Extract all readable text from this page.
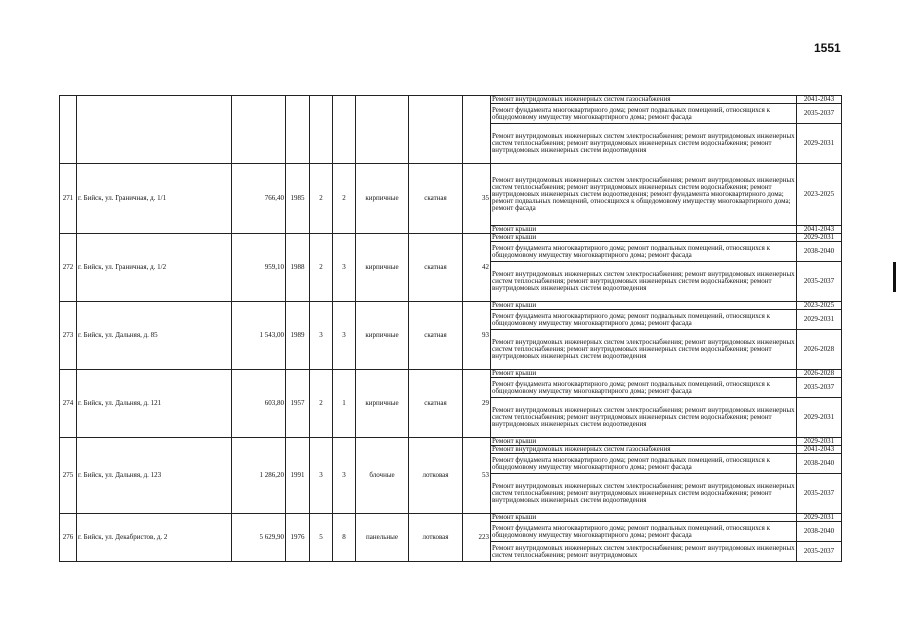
1551
									Ремонт внутридомовых инженерных систем газоснабжения	2041-2043
									Ремонт фундамента многоквартирного дома; ремонт подвальных помещений, относящихся к общедомовому имуществу многоквартирного дома; ремонт фасада	2035-2037
									Ремонт внутридомовых инженерных систем электроснабжения; ремонт внутридомовых инженерных систем теплоснабжения; ремонт внутридомовых инженерных систем водоснабжения; ремонт внутридомовых инженерных систем водоотведения	2029-2031
271	г. Бийск, ул. Граничная, д. 1/1	766,40	1985	2	2	кирпичные	скатная	35	Ремонт внутридомовых инженерных систем электроснабжения; ремонт внутридомовых инженерных систем теплоснабжения; ремонт внутридомовых инженерных систем водоснабжения; ремонт внутридомовых инженерных систем водоотведения; ремонт фундамента многоквартирного дома; ремонт подвальных помещений, относящихся к общедомовому имуществу многоквартирного дома; ремонт фасада	2023-2025
									Ремонт крыши	2041-2043
272	г. Бийск, ул. Граничная, д. 1/2	959,10	1988	2	3	кирпичные	скатная	42	Ремонт крыши	2029-2031
									Ремонт фундамента многоквартирного дома; ремонт подвальных помещений, относящихся к общедомовому имуществу многоквартирного дома; ремонт фасада	2038-2040
									Ремонт внутридомовых инженерных систем электроснабжения; ремонт внутридомовых инженерных систем теплоснабжения; ремонт внутридомовых инженерных систем водоснабжения; ремонт внутридомовых инженерных систем водоотведения	2035-2037
273	г. Бийск, ул. Дальняя, д. 85	1 543,00	1989	3	3	кирпичные	скатная	93	Ремонт крыши	2023-2025
									Ремонт фундамента многоквартирного дома; ремонт подвальных помещений, относящихся к общедомовому имуществу многоквартирного дома; ремонт фасада	2029-2031
									Ремонт внутридомовых инженерных систем электроснабжения; ремонт внутридомовых инженерных систем теплоснабжения; ремонт внутридомовых инженерных систем водоснабжения; ремонт внутридомовых инженерных систем водоотведения	2026-2028
274	г. Бийск, ул. Дальняя, д. 121	603,80	1957	2	1	кирпичные	скатная	29	Ремонт крыши	2026-2028
									Ремонт фундамента многоквартирного дома; ремонт подвальных помещений, относящихся к общедомовому имуществу многоквартирного дома; ремонт фасада	2035-2037
									Ремонт внутридомовых инженерных систем электроснабжения; ремонт внутридомовых инженерных систем теплоснабжения; ремонт внутридомовых инженерных систем водоснабжения; ремонт внутридомовых инженерных систем водоотведения	2029-2031
275	г. Бийск, ул. Дальняя, д. 123	1 286,20	1991	3	3	блочные	лотковая	53	Ремонт крыши	2029-2031
									Ремонт внутридомовых инженерных систем газоснабжения	2041-2043
									Ремонт фундамента многоквартирного дома; ремонт подвальных помещений, относящихся к общедомовому имуществу многоквартирного дома; ремонт фасада	2038-2040
									Ремонт внутридомовых инженерных систем электроснабжения; ремонт внутридомовых инженерных систем теплоснабжения; ремонт внутридомовых инженерных систем водоснабжения; ремонт внутридомовых инженерных систем водоотведения	2035-2037
276	г. Бийск, ул. Декабристов, д. 2	5 629,90	1976	5	8	панельные	лотковая	223	Ремонт крыши	2029-2031
									Ремонт фундамента многоквартирного дома; ремонт подвальных помещений, относящихся к общедомовому имуществу многоквартирного дома; ремонт фасада	2038-2040
									Ремонт внутридомовых инженерных систем электроснабжения; ремонт внутридомовых инженерных систем теплоснабжения; ремонт внутридомовых	2035-2037
